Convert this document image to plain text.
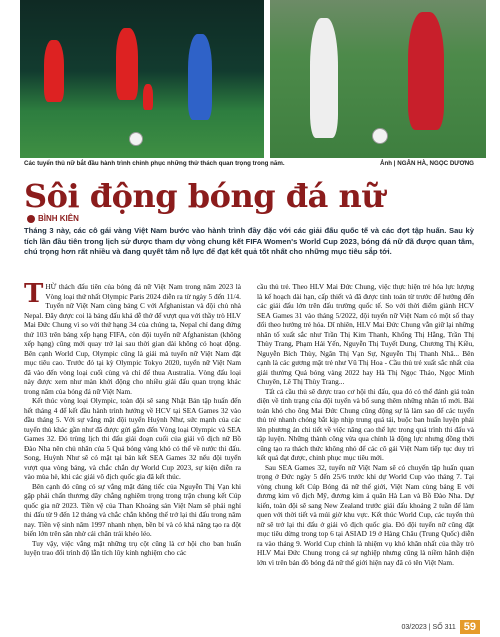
Các tuyển thủ nữ bắt đầu hành trình chinh phục những thử thách quan trọng trong năm.	Ảnh | NGÂN HÀ, NGỌC DƯƠNG
Sôi động bóng đá nữ
BÌNH KIÊN
Tháng 3 này, các cô gái vàng Việt Nam bước vào hành trình đầy đặc với các giải đấu quốc tế và các đợt tập huấn. Sau kỳ tích lần đầu tiên trong lịch sử được tham dự vòng chung kết FIFA Women's World Cup 2023, bóng đá nữ đã được quan tâm, chú trọng hơn rất nhiều và đang quyết tâm nỗ lực để đạt kết quả tốt nhất cho những mục tiêu sắp tới.

THỪ thách đấu tiên của bóng đá nữ Việt Nam trong năm 2023 là Vòng loại thứ nhất Olympic Paris 2024 diễn ra từ ngày 5 đến 11/4. Tuyển nữ Việt Nam cùng bảng C với Afghanistan và đội chủ nhà Nepal. Đây được coi là bảng đấu khá dễ thở để vượt qua với thầy trò HLV Mai Đức Chung vì so với thứ hạng 34 của chúng ta, Nepal chỉ đang đứng thứ 103 trên bảng xếp hạng FIFA, còn đội tuyển nữ Afghanistan (không xếp hạng) cũng mới quay trở lại sau thời gian dài không có hoạt động. Bên cạnh World Cup, Olympic cũng là giải mà tuyển nữ Việt Nam đặt mục tiêu cao. Trước đó tại kỳ Olympic Tokyo 2020, tuyển nữ Việt Nam đã vào đến vòng loại cuối cùng và chỉ để thua Australia. Vòng đấu loại này được xem như màn khởi động cho nhiều giải đấu quan trọng khác trong năm của bóng đá nữ Việt Nam.

Kết thúc vòng loại Olympic, toàn đội sẽ sang Nhật Bản tập huấn đến hết tháng 4 để kết đầu hành trình hướng về HCV tại SEA Games 32 vào đầu tháng 5. Với sự vắng mặt đội tuyển Huỳnh Như, sức mạnh của các tuyển thủ khác gần như đã được gửi gắm đến Vòng loại Olympic và SEA Games 32. Đó trùng lịch thi đấu giải đoạn cuối của giải vô địch nữ Bồ Đào Nha nên chủ nhân của 5 Quả bóng vàng khó có thể về nước thi đấu. Song, Huỳnh Như sẽ có mặt tại bán kết SEA Games 32 nếu đội tuyển vượt qua vòng bảng, và chắc chắn dự World Cup 2023, sự kiện diễn ra vào mùa hè, khi các giải vô địch quốc gia đã kết thúc.

Bên cạnh đó cũng có sự vắng mặt đáng tiếc của Nguyễn Thị Vạn khi gặp phải chấn thương dây chằng nghiêm trọng trong trận chung kết Cúp quốc gia nữ 2023. Tiền vệ của Than Khoáng sản Việt Nam sẽ phải nghỉ thi đấu từ 9 đến 12 tháng và chắc chắn không thể trở lại thi đấu trong năm nay. Tiền vệ sinh năm 1997 nhanh nhẹn, bền bỉ và có khả năng tạo ra đột biến lớn trên sân nhờ cái chân trái khéo léo.

Tuy vậy, việc vắng mặt những trụ cột cũng là cơ hội cho ban huấn luyện trao đổi trình độ lẫn tích lũy kinh nghiệm cho các

cầu thủ trẻ. Theo HLV Mai Đức Chung, việc thực hiện trẻ hóa lực lượng là kế hoạch dài hạn, cấp thiết và đã được tính toán từ trước để hướng đến các giải đấu lớn trên đấu trường quốc tế. So với thời điểm giành HCV SEA Games 31 vào tháng 5/2022, đội tuyển nữ Việt Nam có một số thay đổi theo hướng trẻ hóa. Dĩ nhiên, HLV Mai Đức Chung vẫn giữ lại những nhân tố xuất sắc như Trần Thị Kim Thanh, Khổng Thị Hằng, Trần Thị Thùy Trang, Phạm Hải Yến, Nguyễn Thị Tuyết Dung, Chương Thị Kiều, Nguyễn Bích Thùy, Ngân Thị Vạn Sự, Nguyễn Thị Thanh Nhã... Bên cạnh là các gương mặt trẻ như Vũ Thị Hoa - Cầu thủ trẻ xuất sắc nhất của giải thưởng Quả bóng vàng 2022 hay Hà Thị Ngọc Thảo, Ngọc Minh Chuyên, Lê Thị Thùy Trang...

Tất cả cầu thủ sẽ được trao cơ hội thi đấu, qua đó có thể đánh giá toàn diện về tình trạng của đội tuyển và bổ sung thêm những nhân tố mới. Bài toán khó cho ông Mai Đức Chung cũng động sự là làm sao để các tuyển thủ trẻ nhanh chóng bắt kịp nhịp trung quá tải, buộc ban huấn luyện phải lên phương án chi tiết về việc nâng cao thể lực trong quá trình thi đấu và tập luyện. Những thành công vừa qua chính là động lực nhưng đồng thời cũng tạo ra thách thức không nhỏ để các cô gái Việt Nam tiếp tục duy trì kết quả đạt được, chinh phục mục tiêu mới.

Sau SEA Games 32, tuyển nữ Việt Nam sẽ có chuyến tập huấn quan trọng ở Đức ngày 5 đến 25/6 trước khi dự World Cup vào tháng 7. Tại vòng chung kết Cúp Bóng đá nữ thế giới, Việt Nam cùng bảng E với đương kim vô địch Mỹ, đương kim á quân Hà Lan và Bồ Đào Nha. Dự kiến, toàn đội sẽ sang New Zealand trước giải đấu khoảng 2 tuần để làm quen với thời tiết và múi giờ khu vực. Kết thúc World Cup, các tuyển thủ nữ sẽ trở lại thi đấu ở giải vô địch quốc gia. Đó đội tuyển nữ cũng đặt mục tiêu dừng trong top 6 tại ASIAD 19 ở Hàng Châu (Trung Quốc) diễn ra vào tháng 9. World Cup chính là nhiệm vụ khó khăn nhất của thầy trò HLV Mai Đức Chung trong cả sự nghiệp nhưng cũng là niềm hãnh diện lớn vì trên bản đồ bóng đá nữ thế giới hiện nay đã có tên Việt Nam.

03/2023 | SỐ 311 59
